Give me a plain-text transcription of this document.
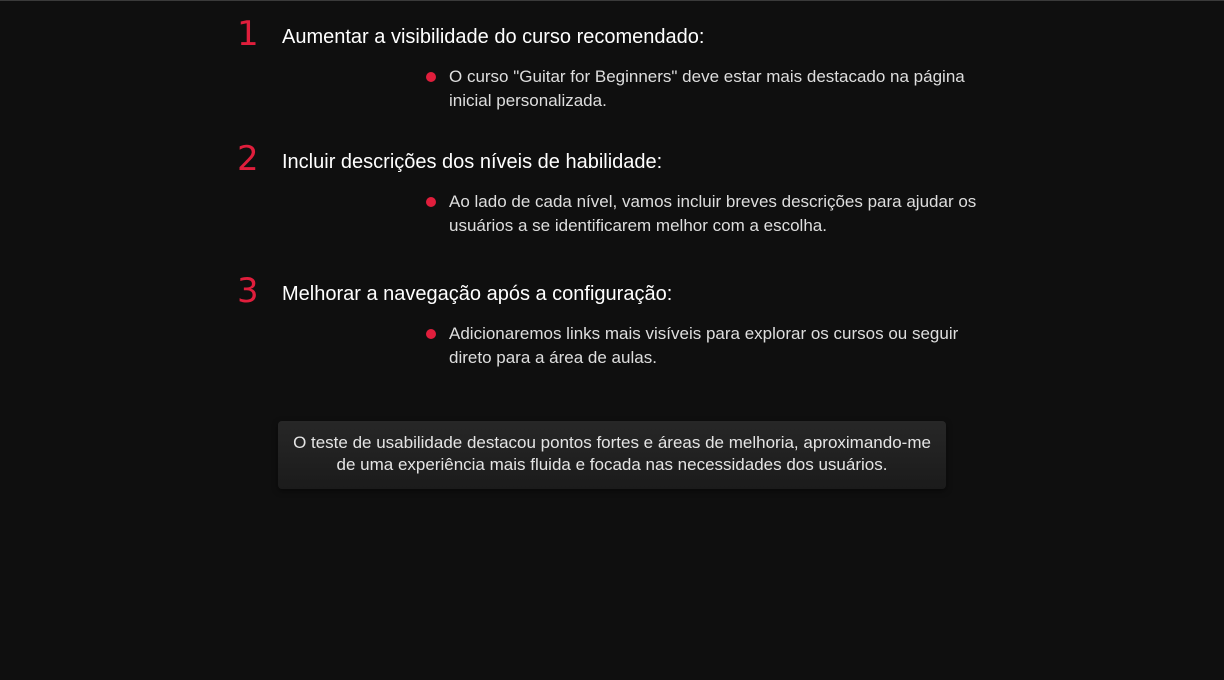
1 Aumentar a visibilidade do curso recomendado:
O curso "Guitar for Beginners" deve estar mais destacado na página inicial personalizada.
2 Incluir descrições dos níveis de habilidade:
Ao lado de cada nível, vamos incluir breves descrições para ajudar os usuários a se identificarem melhor com a escolha.
3 Melhorar a navegação após a configuração:
Adicionaremos links mais visíveis para explorar os cursos ou seguir direto para a área de aulas.

O teste de usabilidade destacou pontos fortes e áreas de melhoria, aproximando-me de uma experiência mais fluida e focada nas necessidades dos usuários.
